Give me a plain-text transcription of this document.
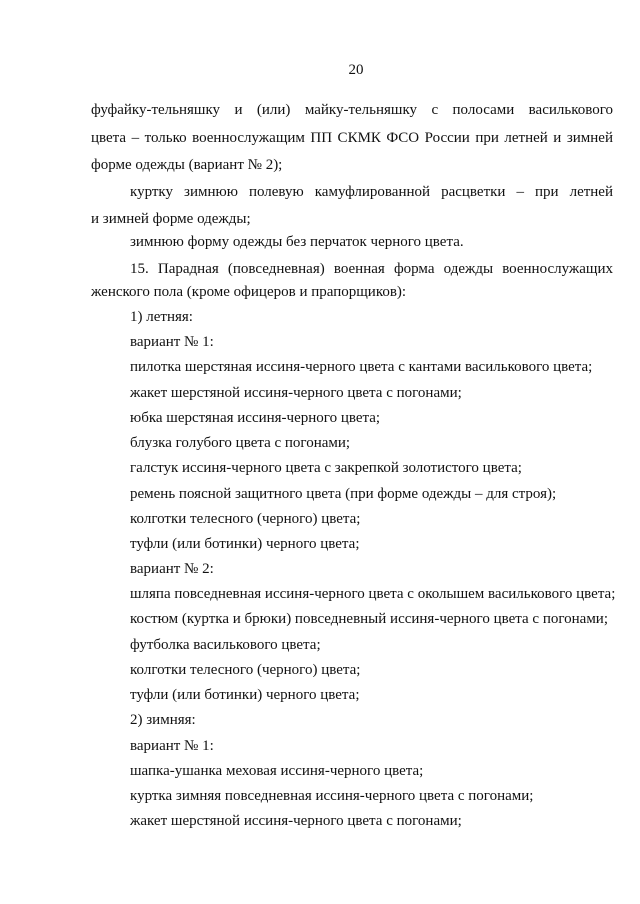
20
фуфайку-тельняшку и (или) майку-тельняшку с полосами василькового
цвета – только военнослужащим ПП СКМК ФСО России при летней и зимней
форме одежды (вариант № 2);
куртку зимнюю полевую камуфлированной расцветки – при летней
и зимней форме одежды;
зимнюю форму одежды без перчаток черного цвета.
15. Парадная (повседневная) военная форма одежды военнослужащих
женского пола (кроме офицеров и прапорщиков):
1) летняя:
вариант № 1:
пилотка шерстяная иссиня-черного цвета с кантами василькового цвета;
жакет шерстяной иссиня-черного цвета с погонами;
юбка шерстяная иссиня-черного цвета;
блузка голубого цвета с погонами;
галстук иссиня-черного цвета с закрепкой золотистого цвета;
ремень поясной защитного цвета (при форме одежды – для строя);
колготки телесного (черного) цвета;
туфли (или ботинки) черного цвета;
вариант № 2:
шляпа повседневная иссиня-черного цвета с околышем василькового цвета;
костюм (куртка и брюки) повседневный иссиня-черного цвета с погонами;
футболка василькового цвета;
колготки телесного (черного) цвета;
туфли (или ботинки) черного цвета;
2) зимняя:
вариант № 1:
шапка-ушанка меховая иссиня-черного цвета;
куртка зимняя повседневная иссиня-черного цвета с погонами;
жакет шерстяной иссиня-черного цвета с погонами;
